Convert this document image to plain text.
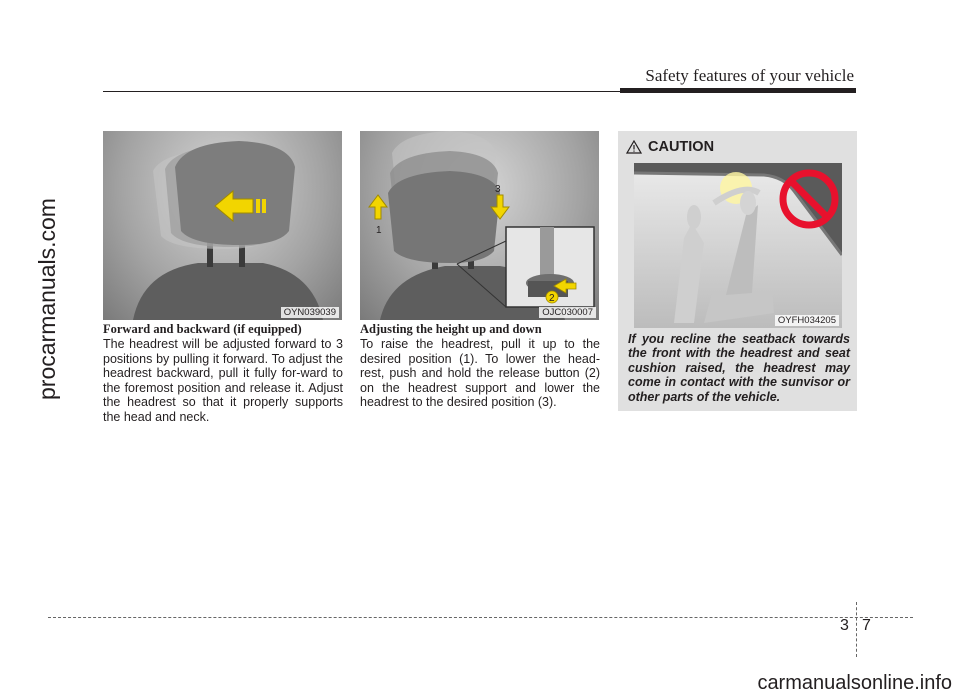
Safety features of your vehicle
procarmanuals.com	OYN039039
1
2
3
OJC030007
Forward and backward (if equipped)
The headrest will be adjusted forward to 3 positions by pulling it forward. To adjust the headrest backward, pull it fully for-ward to the foremost position and release it. Adjust the headrest so that it properly supports the head and neck.
Adjusting the height up and down
To raise the headrest, pull it up to the desired position (1). To lower the head-rest, push and hold the release button (2) on the headrest support and lower the headrest to the desired position (3).
CAUTION
OYFH034205
If you recline the seatback towards the front with the headrest and seat cushion raised, the headrest may come in contact with the sunvisor or other parts of the vehicle.
3 7
carmanualsonline.info
